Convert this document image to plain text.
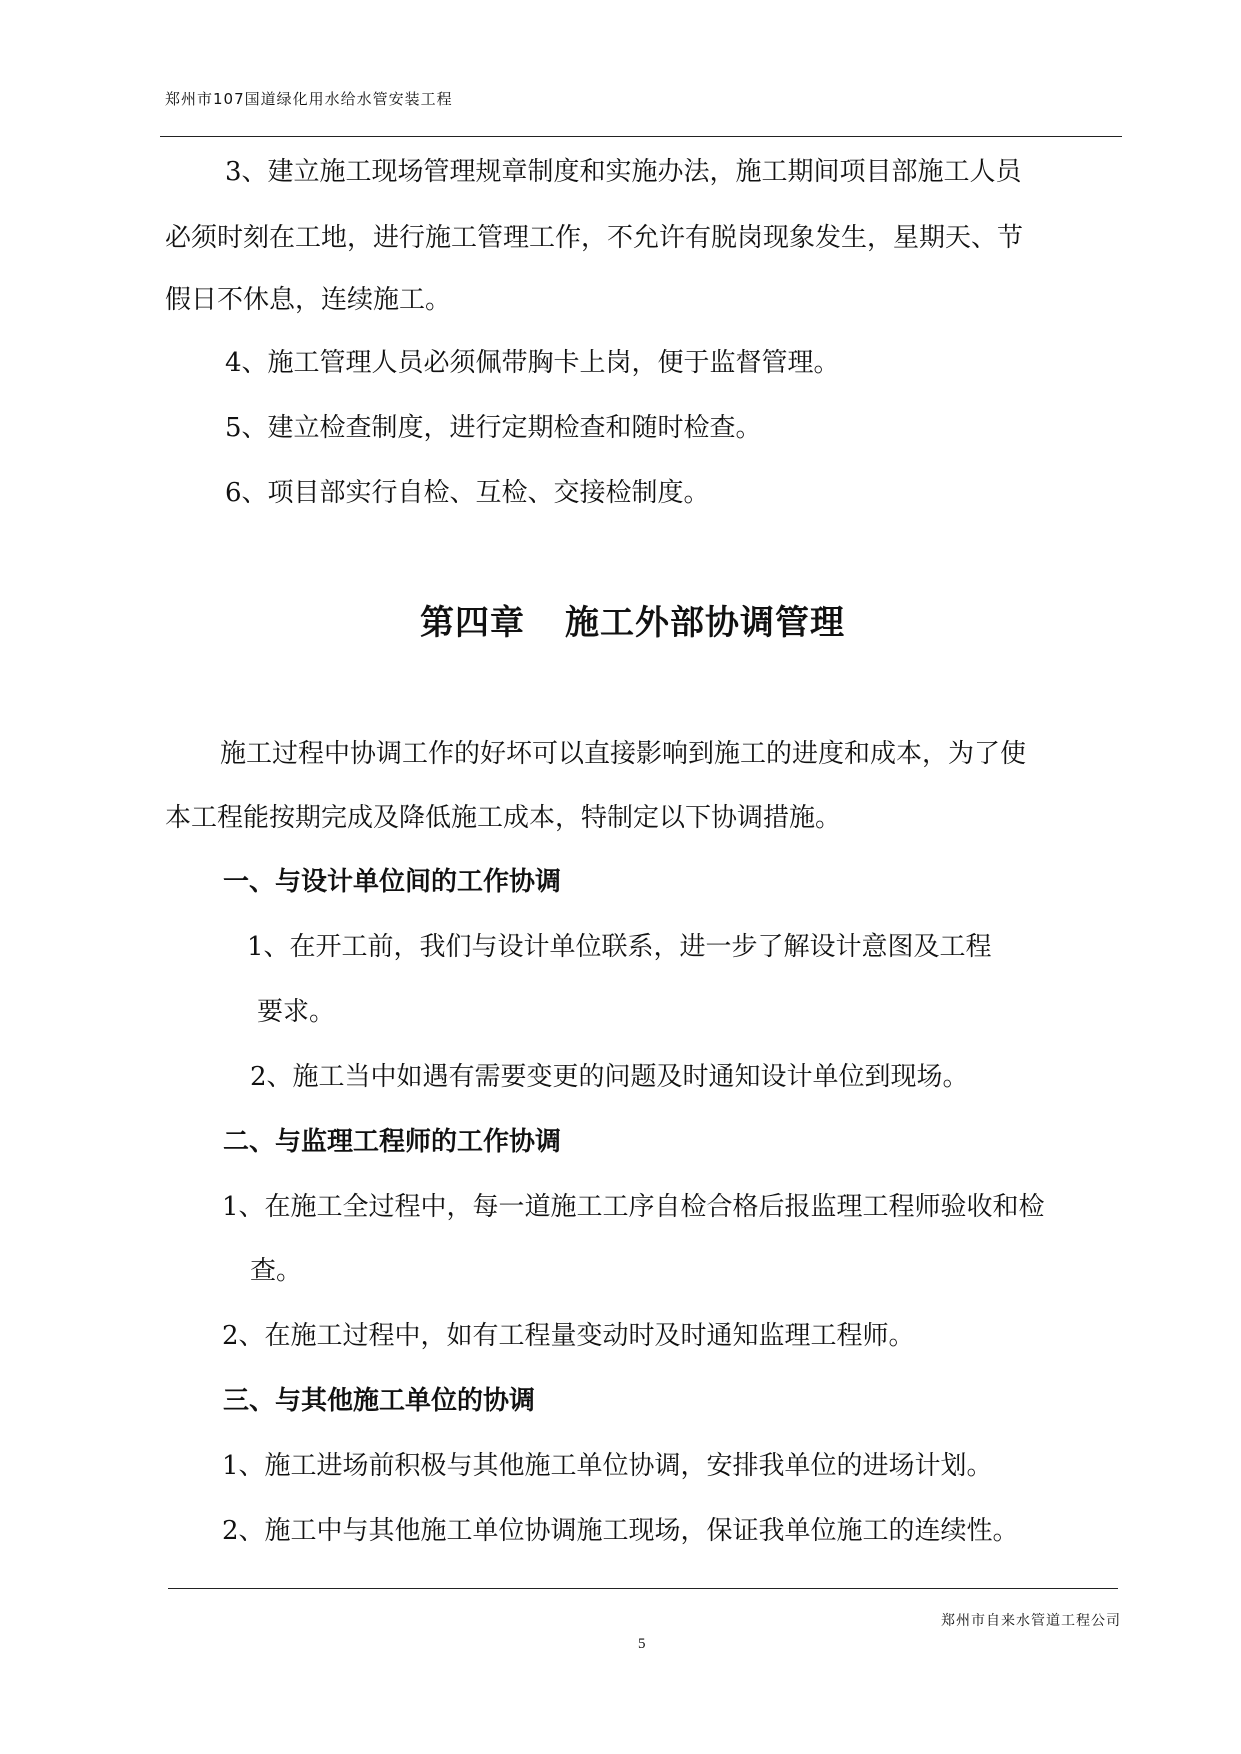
郑州市107国道绿化用水给水管安装工程
3、建立施工现场管理规章制度和实施办法，施工期间项目部施工人员
必须时刻在工地，进行施工管理工作，不允许有脱岗现象发生，星期天、节
假日不休息，连续施工。
4、施工管理人员必须佩带胸卡上岗，便于监督管理。
5、建立检查制度，进行定期检查和随时检查。
6、项目部实行自检、互检、交接检制度。
第四章 施工外部协调管理
施工过程中协调工作的好坏可以直接影响到施工的进度和成本，为了使
本工程能按期完成及降低施工成本，特制定以下协调措施。
一、与设计单位间的工作协调
1、在开工前，我们与设计单位联系，进一步了解设计意图及工程
要求。
2、施工当中如遇有需要变更的问题及时通知设计单位到现场。
二、与监理工程师的工作协调
1、在施工全过程中，每一道施工工序自检合格后报监理工程师验收和检
查。
2、在施工过程中，如有工程量变动时及时通知监理工程师。
三、与其他施工单位的协调
1、施工进场前积极与其他施工单位协调，安排我单位的进场计划。
2、施工中与其他施工单位协调施工现场，保证我单位施工的连续性。
郑州市自来水管道工程公司
5
